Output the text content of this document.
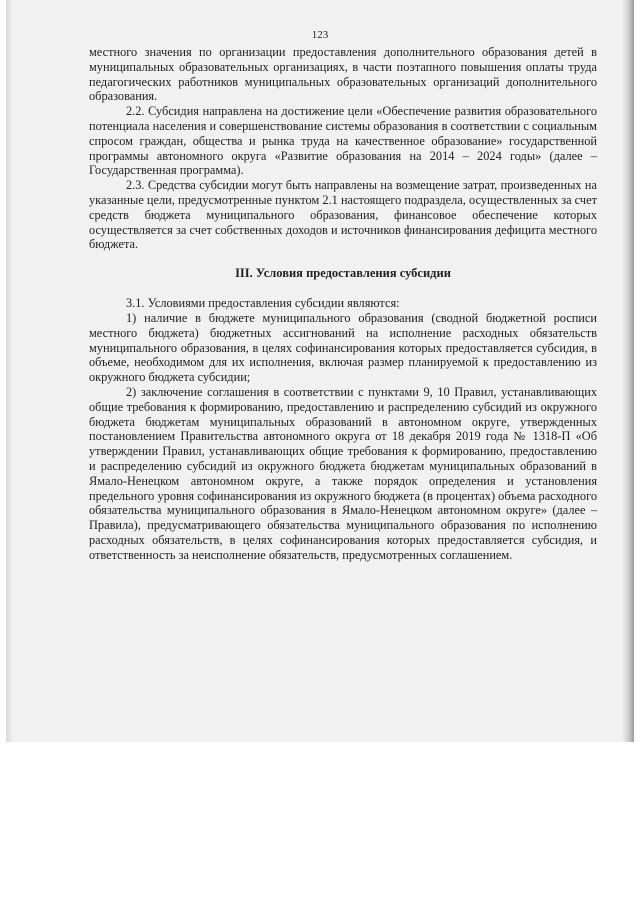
123

местного значения по организации предоставления дополнительного образования детей в муниципальных образовательных организациях, в части поэтапного повышения оплаты труда педагогических работников муниципальных образовательных организаций дополнительного образования.

2.2. Субсидия направлена на достижение цели «Обеспечение развития образовательного потенциала населения и совершенствование системы образования в соответствии с социальным спросом граждан, общества и рынка труда на качественное образование» государственной программы автономного округа «Развитие образования на 2014 – 2024 годы» (далее – Государственная программа).

2.3. Средства субсидии могут быть направлены на возмещение затрат, произведенных на указанные цели, предусмотренные пунктом 2.1 настоящего подраздела, осуществленных за счет средств бюджета муниципального образования, финансовое обеспечение которых осуществляется за счет собственных доходов и источников финансирования дефицита местного бюджета.

III. Условия предоставления субсидии

3.1. Условиями предоставления субсидии являются:

1) наличие в бюджете муниципального образования (сводной бюджетной росписи местного бюджета) бюджетных ассигнований на исполнение расходных обязательств муниципального образования, в целях софинансирования которых предоставляется субсидия, в объеме, необходимом для их исполнения, включая размер планируемой к предоставлению из окружного бюджета субсидии;

2) заключение соглашения в соответствии с пунктами 9, 10 Правил, устанавливающих общие требования к формированию, предоставлению и распределению субсидий из окружного бюджета бюджетам муниципальных образований в автономном округе, утвержденных постановлением Правительства автономного округа от 18 декабря 2019 года № 1318-П «Об утверждении Правил, устанавливающих общие требования к формированию, предоставлению и распределению субсидий из окружного бюджета бюджетам муниципальных образований в Ямало-Ненецком автономном округе, а также порядок определения и установления предельного уровня софинансирования из окружного бюджета (в процентах) объема расходного обязательства муниципального образования в Ямало-Ненецком автономном округе» (далее – Правила), предусматривающего обязательства муниципального образования по исполнению расходных обязательств, в целях софинансирования которых предоставляется субсидия, и ответственность за неисполнение обязательств, предусмотренных соглашением.
